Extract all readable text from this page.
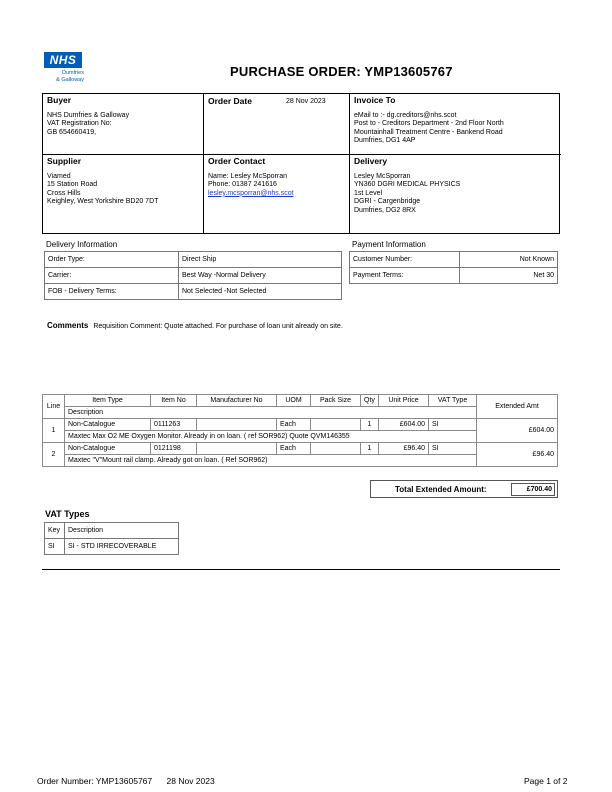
NHS
Dumfries
& Galloway
PURCHASE ORDER: YMP13605767
Buyer
NHS Dumfries & Galloway
VAT Registration No:
GB 654660419,
Order Date	28 Nov 2023	Invoice To
eMail to :- dg.creditors@nhs.scot
Post to - Creditors Department - 2nd Floor North
Mountainhall Treatment Centre - Bankend Road
Dumfries, DG1 4AP
Supplier
Viamed
15 Station Road
Cross Hills
Keighley, West Yorkshire BD20 7DT
Order Contact
Name: Lesley McSporran
Phone: 01387 241616
lesley.mcsporran@nhs.scot
Delivery
Lesley McSporran
YN360 DGRI MEDICAL PHYSICS
1st Level
DGRI - Cargenbridge
Dumfries, DG2 8RX
Delivery Information
Order Type:	Direct Ship
Carrier:	Best Way -Normal Delivery
FOB - Delivery Terms:	Not Selected -Not Selected
Payment Information
Customer Number:	Not Known
Payment Terms:	Net 30
Comments Requisition Comment: Quote attached. For purchase of loan unit already on site.
Line	Item Type	Item No	Manufacturer No	UOM	Pack Size	Qty	Unit Price	VAT Type	Extended Amt
	Description								
1	Non-Catalogue	0111263		Each		1	£604.00	SI	£604.00
	Maxtec Max O2 ME Oxygen Monitor. Already in on loan. ( ref SOR962) Quote QVM146355								
2	Non-Catalogue	0121198		Each		1	£96.40	SI	£96.40
	Maxtec "V"Mount rail clamp. Already got on loan. ( Ref SOR962)								
Total Extended Amount:	£700.40
VAT Types
Key	Description
SI	SI - STD IRRECOVERABLE
Order Number: YMP13605767 28 Nov 2023	Page 1 of 2
